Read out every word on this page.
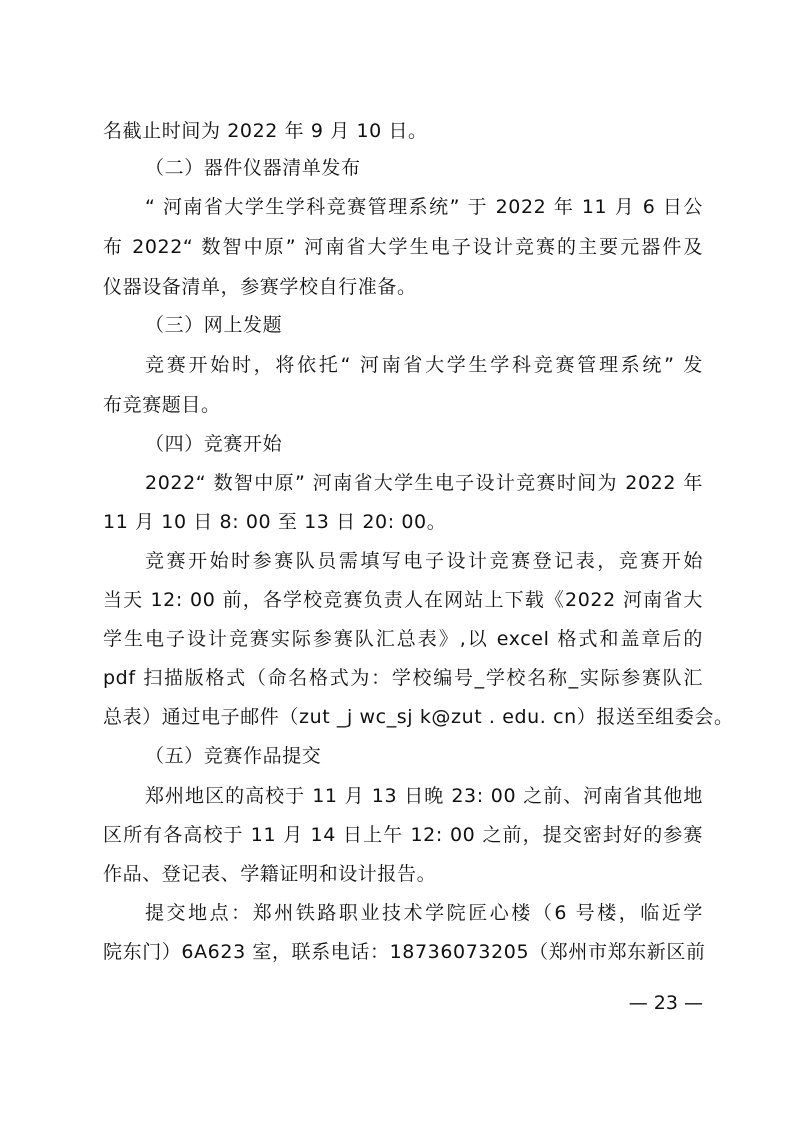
名截止时间为 2022 年 9 月 10 日。
（二）器件仪器清单发布
“ 河南省大学生学科竞赛管理系统” 于 2022 年 11 月 6 日公
布 2022“ 数智中原” 河南省大学生电子设计竞赛的主要元器件及
仪器设备清单，参赛学校自行准备。
（三）网上发题
竞赛开始时，将依托“ 河南省大学生学科竞赛管理系统” 发
布竞赛题目。
（四）竞赛开始
2022“ 数智中原” 河南省大学生电子设计竞赛时间为 2022 年
11 月 10 日 8: 00 至 13 日 20: 00。
竞赛开始时参赛队员需填写电子设计竞赛登记表，竞赛开始
当天 12: 00 前，各学校竞赛负责人在网站上下载《2022 河南省大
学生电子设计竞赛实际参赛队汇总表》,以 excel 格式和盖章后的
pdf 扫描版格式（命名格式为：学校编号_学校名称_实际参赛队汇
总表）通过电子邮件（zut _j wc_sj k@zut . edu. cn）报送至组委会。
（五）竞赛作品提交
郑州地区的高校于 11 月 13 日晚 23: 00 之前、河南省其他地
区所有各高校于 11 月 14 日上午 12: 00 之前，提交密封好的参赛
作品、登记表、学籍证明和设计报告。
提交地点：郑州铁路职业技术学院匠心楼（6 号楼，临近学
院东门）6A623 室，联系电话：18736073205（郑州市郑东新区前
— 23 —
